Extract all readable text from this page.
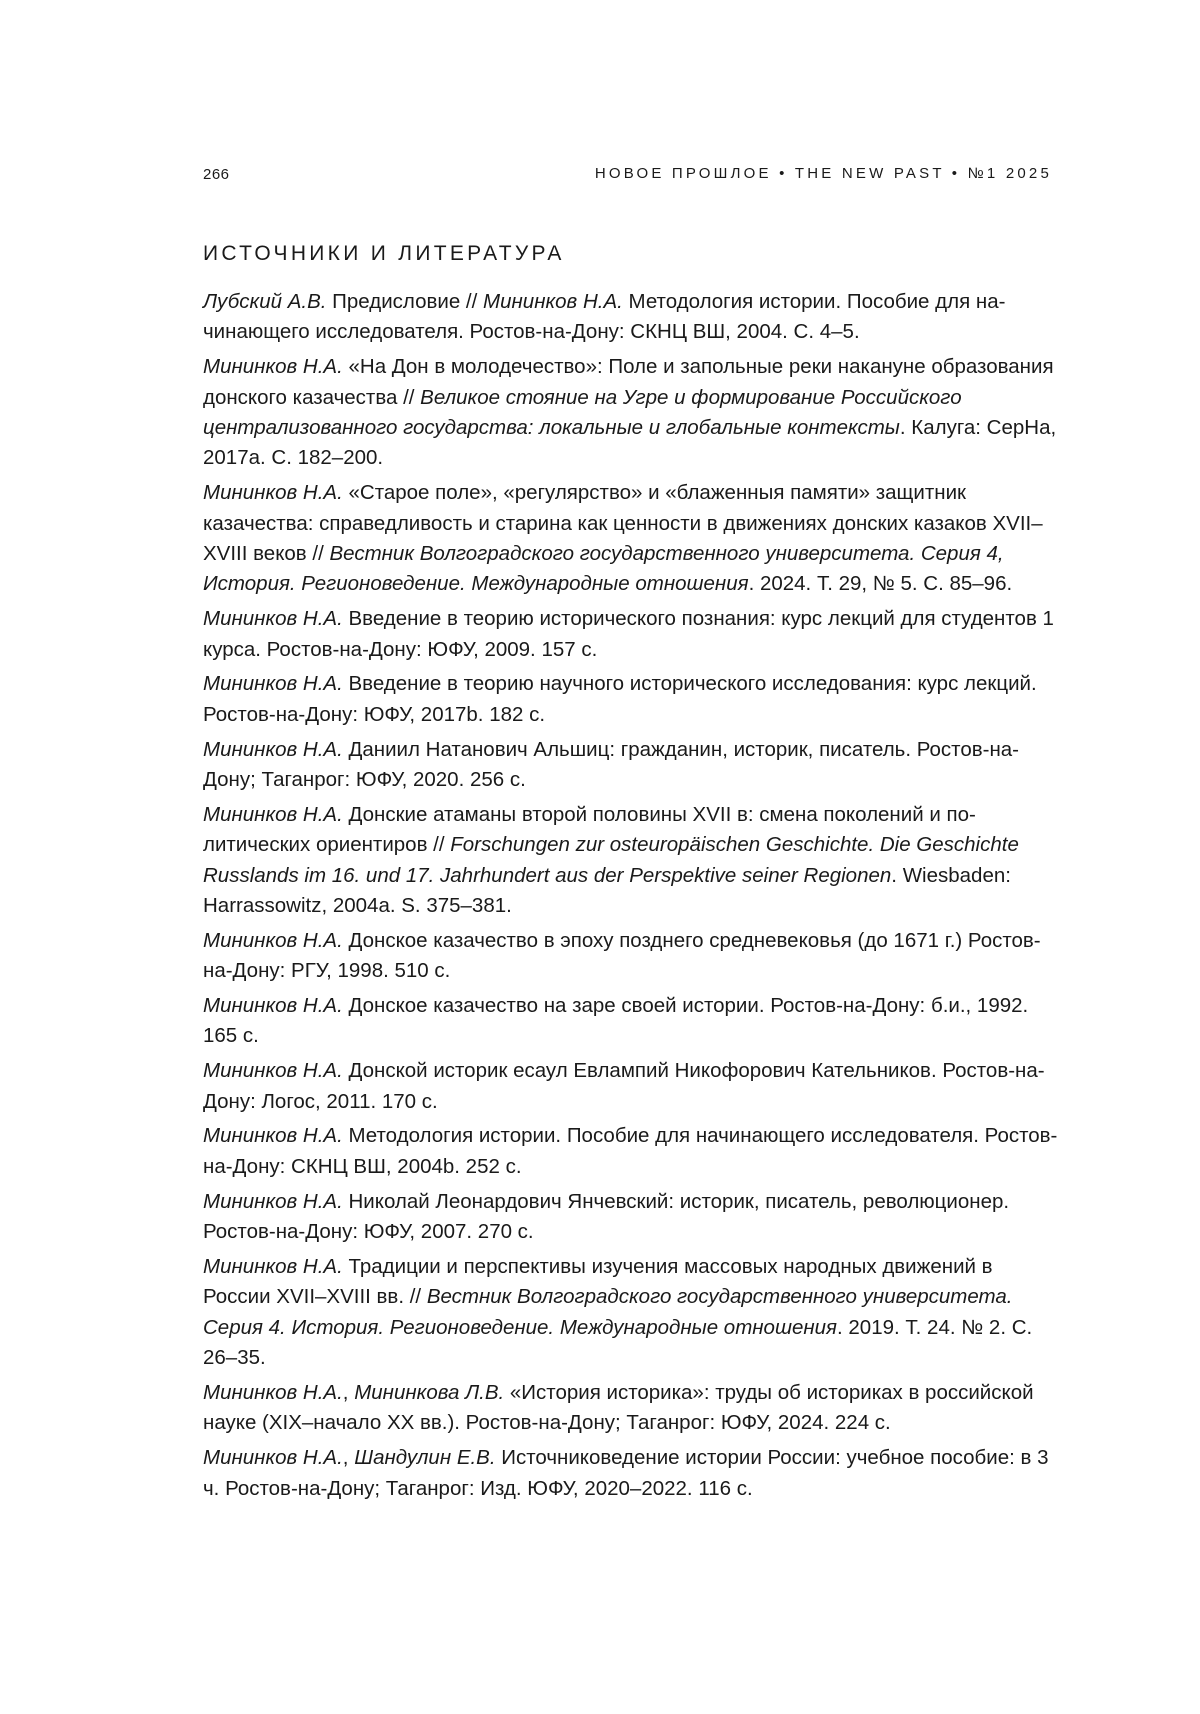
266	НОВОЕ ПРОШЛОЕ • THE NEW PAST • №1 2025
ИСТОЧНИКИ И ЛИТЕРАТУРА
Лубский А.В. Предисловие // Мининков Н.А. Методология истории. Пособие для на­чинающего исследователя. Ростов-на-Дону: СКНЦ ВШ, 2004. С. 4–5.
Мининков Н.А. «На Дон в молодечество»: Поле и запольные реки накануне образо­вания донского казачества // Великое стояние на Угре и формирование Российского централизованного государства: локальные и глобальные контексты. Калуга: СерНа, 2017a. С. 182–200.
Мининков Н.А. «Старое поле», «регулярство» и «блаженныя памяти» защитник казачества: справедливость и старина как ценности в движениях донских казаков XVII–XVIII веков // Вестник Волгоградского государственного университета. Серия 4, История. Регионоведение. Международные отношения. 2024. Т. 29, № 5. С. 85–96.
Мининков Н.А. Введение в теорию исторического познания: курс лекций для сту­дентов 1 курса. Ростов-на-Дону: ЮФУ, 2009. 157 с.
Мининков Н.А. Введение в теорию научного исторического исследования: курс лекций. Ростов-на-Дону: ЮФУ, 2017b. 182 с.
Мининков Н.А. Даниил Натанович Альшиц: гражданин, историк, писатель. Ростов-на-Дону; Таганрог: ЮФУ, 2020. 256 с.
Мининков Н.А. Донские атаманы второй половины XVII в: смена поколений и по­литических ориентиров // Forschungen zur osteuropäischen Geschichte. Die Geschichte Russlands im 16. und 17. Jahrhundert aus der Perspektive seiner Regionen. Wiesbaden: Harrassowitz, 2004a. S. 375–381.
Мининков Н.А. Донское казачество в эпоху позднего средневековья (до 1671 г.) Ростов-на-Дону: РГУ, 1998. 510 с.
Мининков Н.А. Донское казачество на заре своей истории. Ростов-на-Дону: б.и., 1992. 165 с.
Мининков Н.А. Донской историк есаул Евлампий Никофорович Катель­ников. Ростов-на-Дону: Логос, 2011. 170 с.
Мининков Н.А. Методология истории. Пособие для начинающего исследователя. Ростов-на-Дону: СКНЦ ВШ, 2004b. 252 с.
Мининков Н.А. Николай Леонардович Янчевский: историк, писатель, революционер. Ростов-на-Дону: ЮФУ, 2007. 270 с.
Мининков Н.А. Традиции и перспективы изучения массовых народных движений в России XVII–XVIII вв. // Вестник Волгоградского государственного университета. Серия 4. История. Регионоведение. Международные отношения. 2019. Т. 24. № 2. С. 26–35.
Мининков Н.А., Мининкова Л.В. «История историка»: труды об историках в россий­ской науке (XIX–начало XX вв.). Ростов-на-Дону; Таганрог: ЮФУ, 2024. 224 с.
Мининков Н.А., Шандулин Е.В. Источниковедение истории России: учебное пособие: в 3 ч. Ростов-на-Дону; Таганрог: Изд. ЮФУ, 2020–2022. 116 с.
